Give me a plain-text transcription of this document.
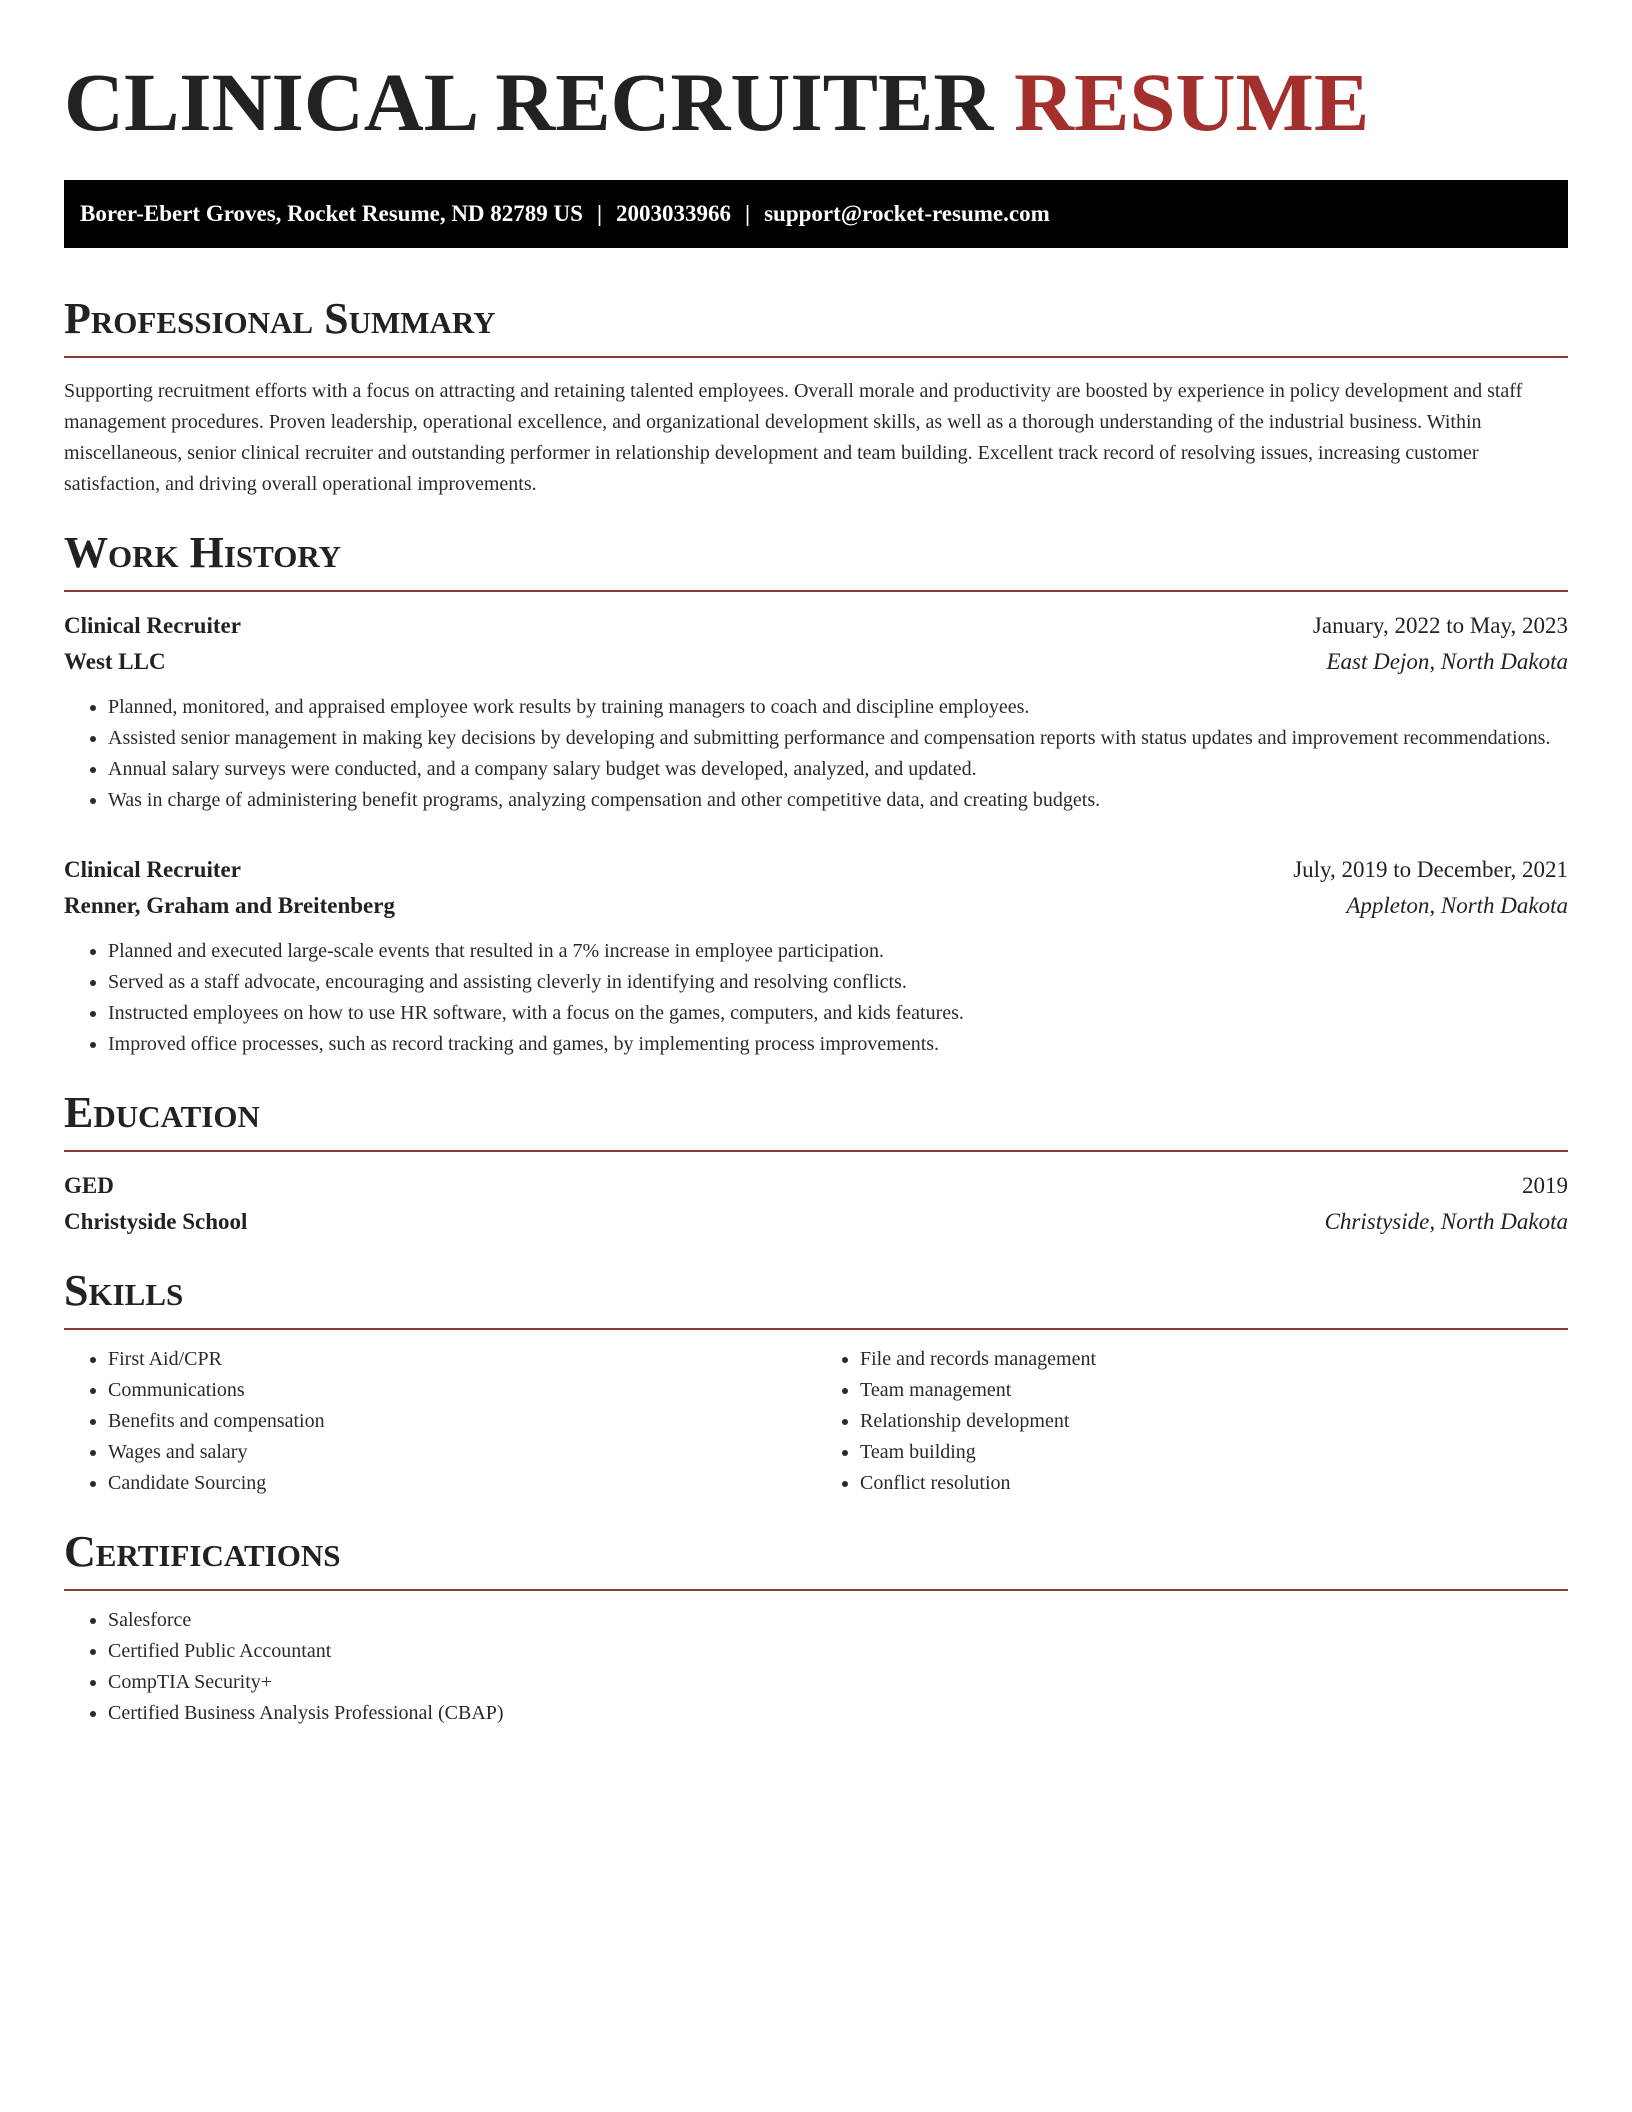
CLINICAL RECRUITER RESUME
Borer-Ebert Groves, Rocket Resume, ND 82789 US | 2003033966 | support@rocket-resume.com
Professional Summary

Supporting recruitment efforts with a focus on attracting and retaining talented employees. Overall morale and productivity are boosted by experience in policy development and staff management procedures. Proven leadership, operational excellence, and organizational development skills, as well as a thorough understanding of the industrial business. Within miscellaneous, senior clinical recruiter and outstanding performer in relationship development and team building. Excellent track record of resolving issues, increasing customer satisfaction, and driving overall operational improvements.

Work History
Clinical Recruiter	January, 2022 to May, 2023
West LLC	East Dejon, North Dakota
• Planned, monitored, and appraised employee work results by training managers to coach and discipline employees.
• Assisted senior management in making key decisions by developing and submitting performance and compensation reports with status updates and improvement recommendations.
• Annual salary surveys were conducted, and a company salary budget was developed, analyzed, and updated.
• Was in charge of administering benefit programs, analyzing compensation and other competitive data, and creating budgets.
Clinical Recruiter	July, 2019 to December, 2021
Renner, Graham and Breitenberg	Appleton, North Dakota
• Planned and executed large-scale events that resulted in a 7% increase in employee participation.
• Served as a staff advocate, encouraging and assisting cleverly in identifying and resolving conflicts.
• Instructed employees on how to use HR software, with a focus on the games, computers, and kids features.
• Improved office processes, such as record tracking and games, by implementing process improvements.
Education
GED	2019
Christyside School	Christyside, North Dakota
Skills
• First Aid/CPR
• Communications
• Benefits and compensation
• Wages and salary
• Candidate Sourcing
• File and records management
• Team management
• Relationship development
• Team building
• Conflict resolution
Certifications
• Salesforce
• Certified Public Accountant
• CompTIA Security+
• Certified Business Analysis Professional (CBAP)
